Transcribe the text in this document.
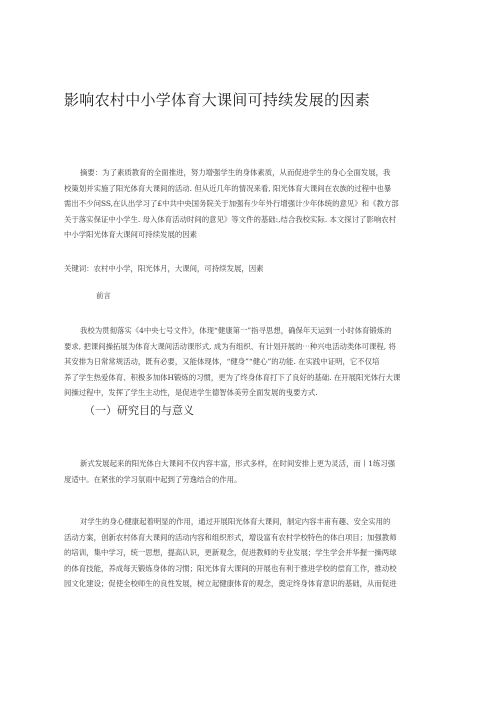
影响农村中小学体育大课间可持续发展的因素
摘要：为了素质教育的全面推进，努力增强学生的身体素质，从而促进学生的身心全面发展，我
校策划并实施了阳光体育大课间的活动. 但从近几年的情况来看, 阳光体育大课间在农族的过程中也暴
需出不少问SS,在认出学习了£中共中央国务院关于加强有少年外行增强计少年体统的意见》和《教方部
关于落实保证中小学生. 母入体育活动时间的意见》等文件的基础:,结合我校实际. 本文探讨了影响农村
中小学阳光体育大课间可持续发展的因素
关键词：农村中小学，阳光体月，大课间，可持续发展，因素
前言
我校为贯彻落实《4中央七号文件》，体现“健康第一”指寻思想，确保年天运到一小时体育锻炼的
要求, 把课间操拓展为体育大课间活动课形式, 成为有组织、有计划开展的⋯种兴电活动类体可课程, 将
其安排为日常常规活动，既有必要，又能体现体，“健身”“健心”的功能. 在实践中证明，它不仅培
养了学生热爱体育、积极多加体H锻炼的习惯，更为了终身体育打下了良好的基础. 在开展阳光体行大课
间操过程中，发挥了学生主动性，是促进学生德智体美劳全面发展的曳要方式.
（一）研究目的与意义
新式发展起来的阳光体白大课间不仅内容丰富，形式多样，在时间安排上更为灵活，而丨1练习强
度适中。在紧张的学习氛雨中起到了劳逸结合的作用。
对学生的身心健康起着明显的作用，通过开展阳光体育大课间，制定内容丰甫有趣、安全实用的
活动方案，创新农村体育大课间的活动内容和组织形式，增设富有农村学校特色的体白项目；加强教师
的培训，集中学习，统一思想，提高认识，更新观念，促进教师的专业发展；学生学会并华握一操两球
的体育技能，养成每天锻炼身体的习惯；阳光体育大课间的开展也有利于推进学校的偿育工作，推动校
园文化建设；促使全校师生的良性发展，树立起健康体育的观念，奠定终身体育意识的基础，从而促进
